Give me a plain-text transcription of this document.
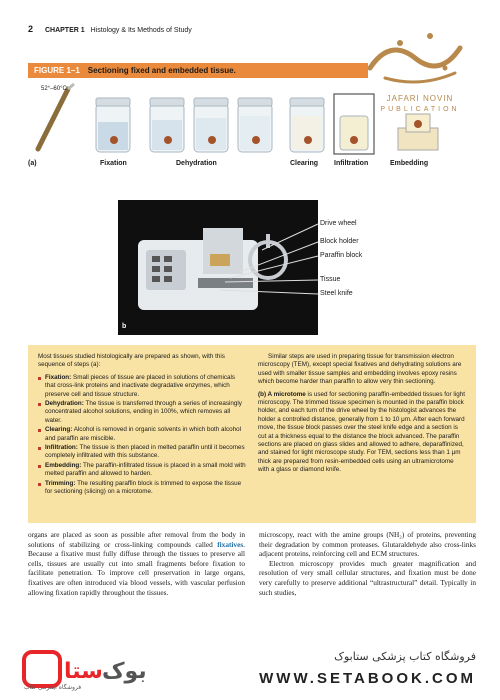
2 CHAPTER 1 Histology & Its Methods of Study
JAFARI NOVIN
PUBLICATION
FIGURE 1–1 Sectioning fixed and embedded tissue.
52°–60°C
(a)	Fixation	Dehydration	Clearing Infiltration	Embedding
b
Drive wheel
Block holder
Paraffin block
Tissue
Steel knife

Most tissues studied histologically are prepared as shown, with this sequence of steps (a):

Fixation: Small pieces of tissue are placed in solutions of chemicals that cross-link proteins and inactivate degradative enzymes, which preserve cell and tissue structure.
Dehydration: The tissue is transferred through a series of increasingly concentrated alcohol solutions, ending in 100%, which removes all water.
Clearing: Alcohol is removed in organic solvents in which both alcohol and paraffin are miscible.
Infiltration: The tissue is then placed in melted paraffin until it becomes completely infiltrated with this substance.
Embedding: The paraffin-infiltrated tissue is placed in a small mold with melted paraffin and allowed to harden.
Trimming: The resulting paraffin block is trimmed to expose the tissue for sectioning (slicing) on a microtome.

Similar steps are used in preparing tissue for transmission electron microscopy (TEM), except special fixatives and dehydrating solutions are used with smaller tissue samples and embedding involves epoxy resins which become harder than paraffin to allow very thin sectioning.

(b) A microtome is used for sectioning paraffin-embedded tissues for light microscopy. The trimmed tissue specimen is mounted in the paraffin block holder, and each turn of the drive wheel by the histologist advances the holder a controlled distance, generally from 1 to 10 μm. After each forward move, the tissue block passes over the steel knife edge and a section is cut at a thickness equal to the distance the block advanced. The paraffin sections are placed on glass slides and allowed to adhere, deparaffinized, and stained for light microscope study. For TEM, sections less than 1 μm thick are prepared from resin-embedded cells using an ultramicrotome with a glass or diamond knife.

organs are placed as soon as possible after removal from the body in solutions of stabilizing or cross-linking compounds called fixatives. Because a fixative must fully diffuse through the tissues to preserve all cells, tissues are usually cut into small fragments before fixation to facilitate penetration. To improve cell preservation in large organs, fixatives are often introduced via blood vessels, with vascular perfusion allowing fixation rapidly throughout the tissues.

microscopy, react with the amine groups (NH₂) of proteins, preventing their degradation by common proteases. Glutaraldehyde also cross-links adjacent proteins, reinforcing cell and ECM structures.

Electron microscopy provides much greater magnification and resolution of very small cellular structures, and fixation must be done very carefully to preserve additional “ultrastructural” detail. Typically in such studies,

ستا بوک
فروشگاه اینترنتی کتاب
فروشگاه کتاب پزشکی ستابوک
WWW.SETABOOK.COM
